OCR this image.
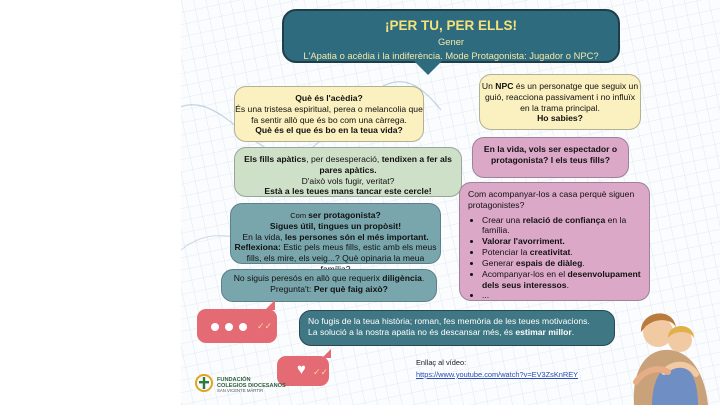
¡PER TU, PER ELLS!
Gener
L'Apatia o acèdia i la indiferència. Mode Protagonista: Jugador o NPC?
Què és l'acèdia?
És una tristesa espiritual, perea o melancolia que fa sentir allò que és bo com una càrrega.
Què és el que és bo en la teua vida?
Un NPC és un personatge que seguix un guió, reacciona passivament i no influïx en la trama principal.
Ho sabies?
Els fills apàtics, per desesperació, tendixen a fer als pares apàtics.
D'això vols fugir, veritat?
Està a les teues mans tancar este cercle!
En la vida, vols ser espectador o protagonista? I els teus fills?
Com ser protagonista?
Sigues útil, tingues un propòsit!
En la vida, les persones són el més important.
Reflexiona: Estic pels meus fills, estic amb els meus fills, els mire, els veig...? Què opinaria la meua
Com acompanyar-los a casa perquè siguen protagonistes?
• Crear una relació de confiança en la família.
• Valorar l'avorriment.
• Potenciar la creativitat.
• Generar espais de diàleg.
• Acompanyar-los en el desenvolupament dels seus interessos.
• ...
No siguis peresós en allò que requerix diligència.
Pregunta't: Per què faig això?
No fugis de la teua història; roman, fes memòria de les teues motivacions.
La solució a la nostra apatia no és descansar més, és estimar millor.
✓✓
♥ ✓✓
Enllaç al vídeo:
https://www.youtube.com/watch?v=EV3ZsKnREY
FUNDACIÓN
COLEGIOS DIOCESANOS
SAN VICENTE MÁRTIR
